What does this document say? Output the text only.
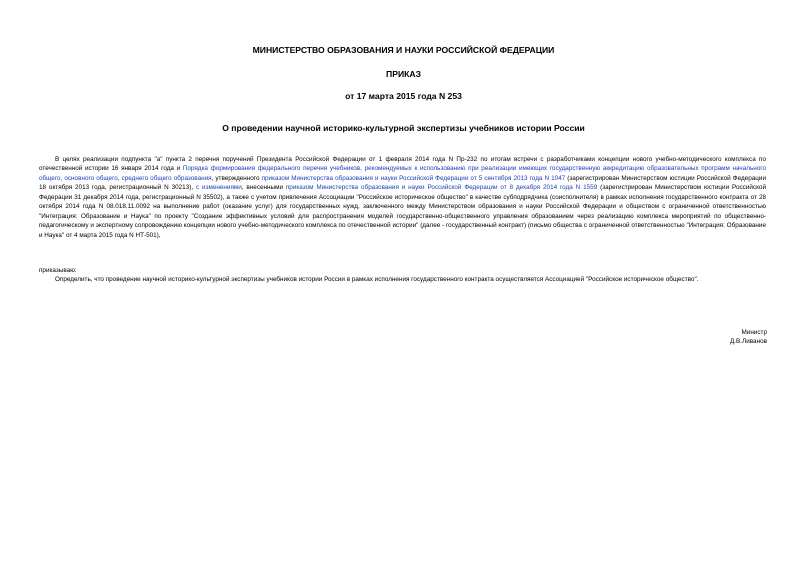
МИНИСТЕРСТВО ОБРАЗОВАНИЯ И НАУКИ РОССИЙСКОЙ ФЕДЕРАЦИИ
ПРИКАЗ
от 17 марта 2015 года N 253
О проведении научной историко-культурной экспертизы учебников истории России

В целях реализации подпункта "а" пункта 2 перечня поручений Президента Российской Федерации от 1 февраля 2014 года N Пр-232 по итогам встречи с разработчиками концепции нового учебно-методического комплекса по отечественной истории 16 января 2014 года и Порядка формирования федерального перечня учебников, рекомендуемых к использованию при реализации имеющих государственную аккредитацию образовательных программ начального общего, основного общего, среднего общего образования, утвержденного приказом Министерства образования и науки Российской Федерации от 5 сентября 2013 года N 1047 (зарегистрирован Министерством юстиции Российской Федерации 18 октября 2013 года, регистрационный N 30213), с изменениями, внесенными приказом Министерства образования и науки Российской Федерации от 8 декабря 2014 года N 1559 (зарегистрирован Министерством юстиции Российской Федерации 31 декабря 2014 года, регистрационный N 35502), а также с учетом привлечения Ассоциации "Российское историческое общество" в качестве субподрядчика (соисполнителя) в рамках исполнения государственного контракта от 28 октября 2014 года N 08.018.11.0092 на выполнение работ (оказание услуг) для государственных нужд, заключенного между Министерством образования и науки Российской Федерации и обществом с ограниченной ответственностью "Интеграция: Образование и Наука" по проекту "Создание эффективных условий для распространения моделей государственно-общественного управления образованием через реализацию комплекса мероприятий по общественно-педагогическому и экспертному сопровождению концепции нового учебно-методического комплекса по отечественной истории" (далее - государственный контракт) (письмо общества с ограниченной ответственностью "Интеграция: Образование и Наука" от 4 марта 2015 года N НТ-501),

приказываю:

Определить, что проведение научной историко-культурной экспертизы учебников истории России в рамках исполнения государственного контракта осуществляется Ассоциацией "Российское историческое общество".

Министр
Д.В.Ливанов
